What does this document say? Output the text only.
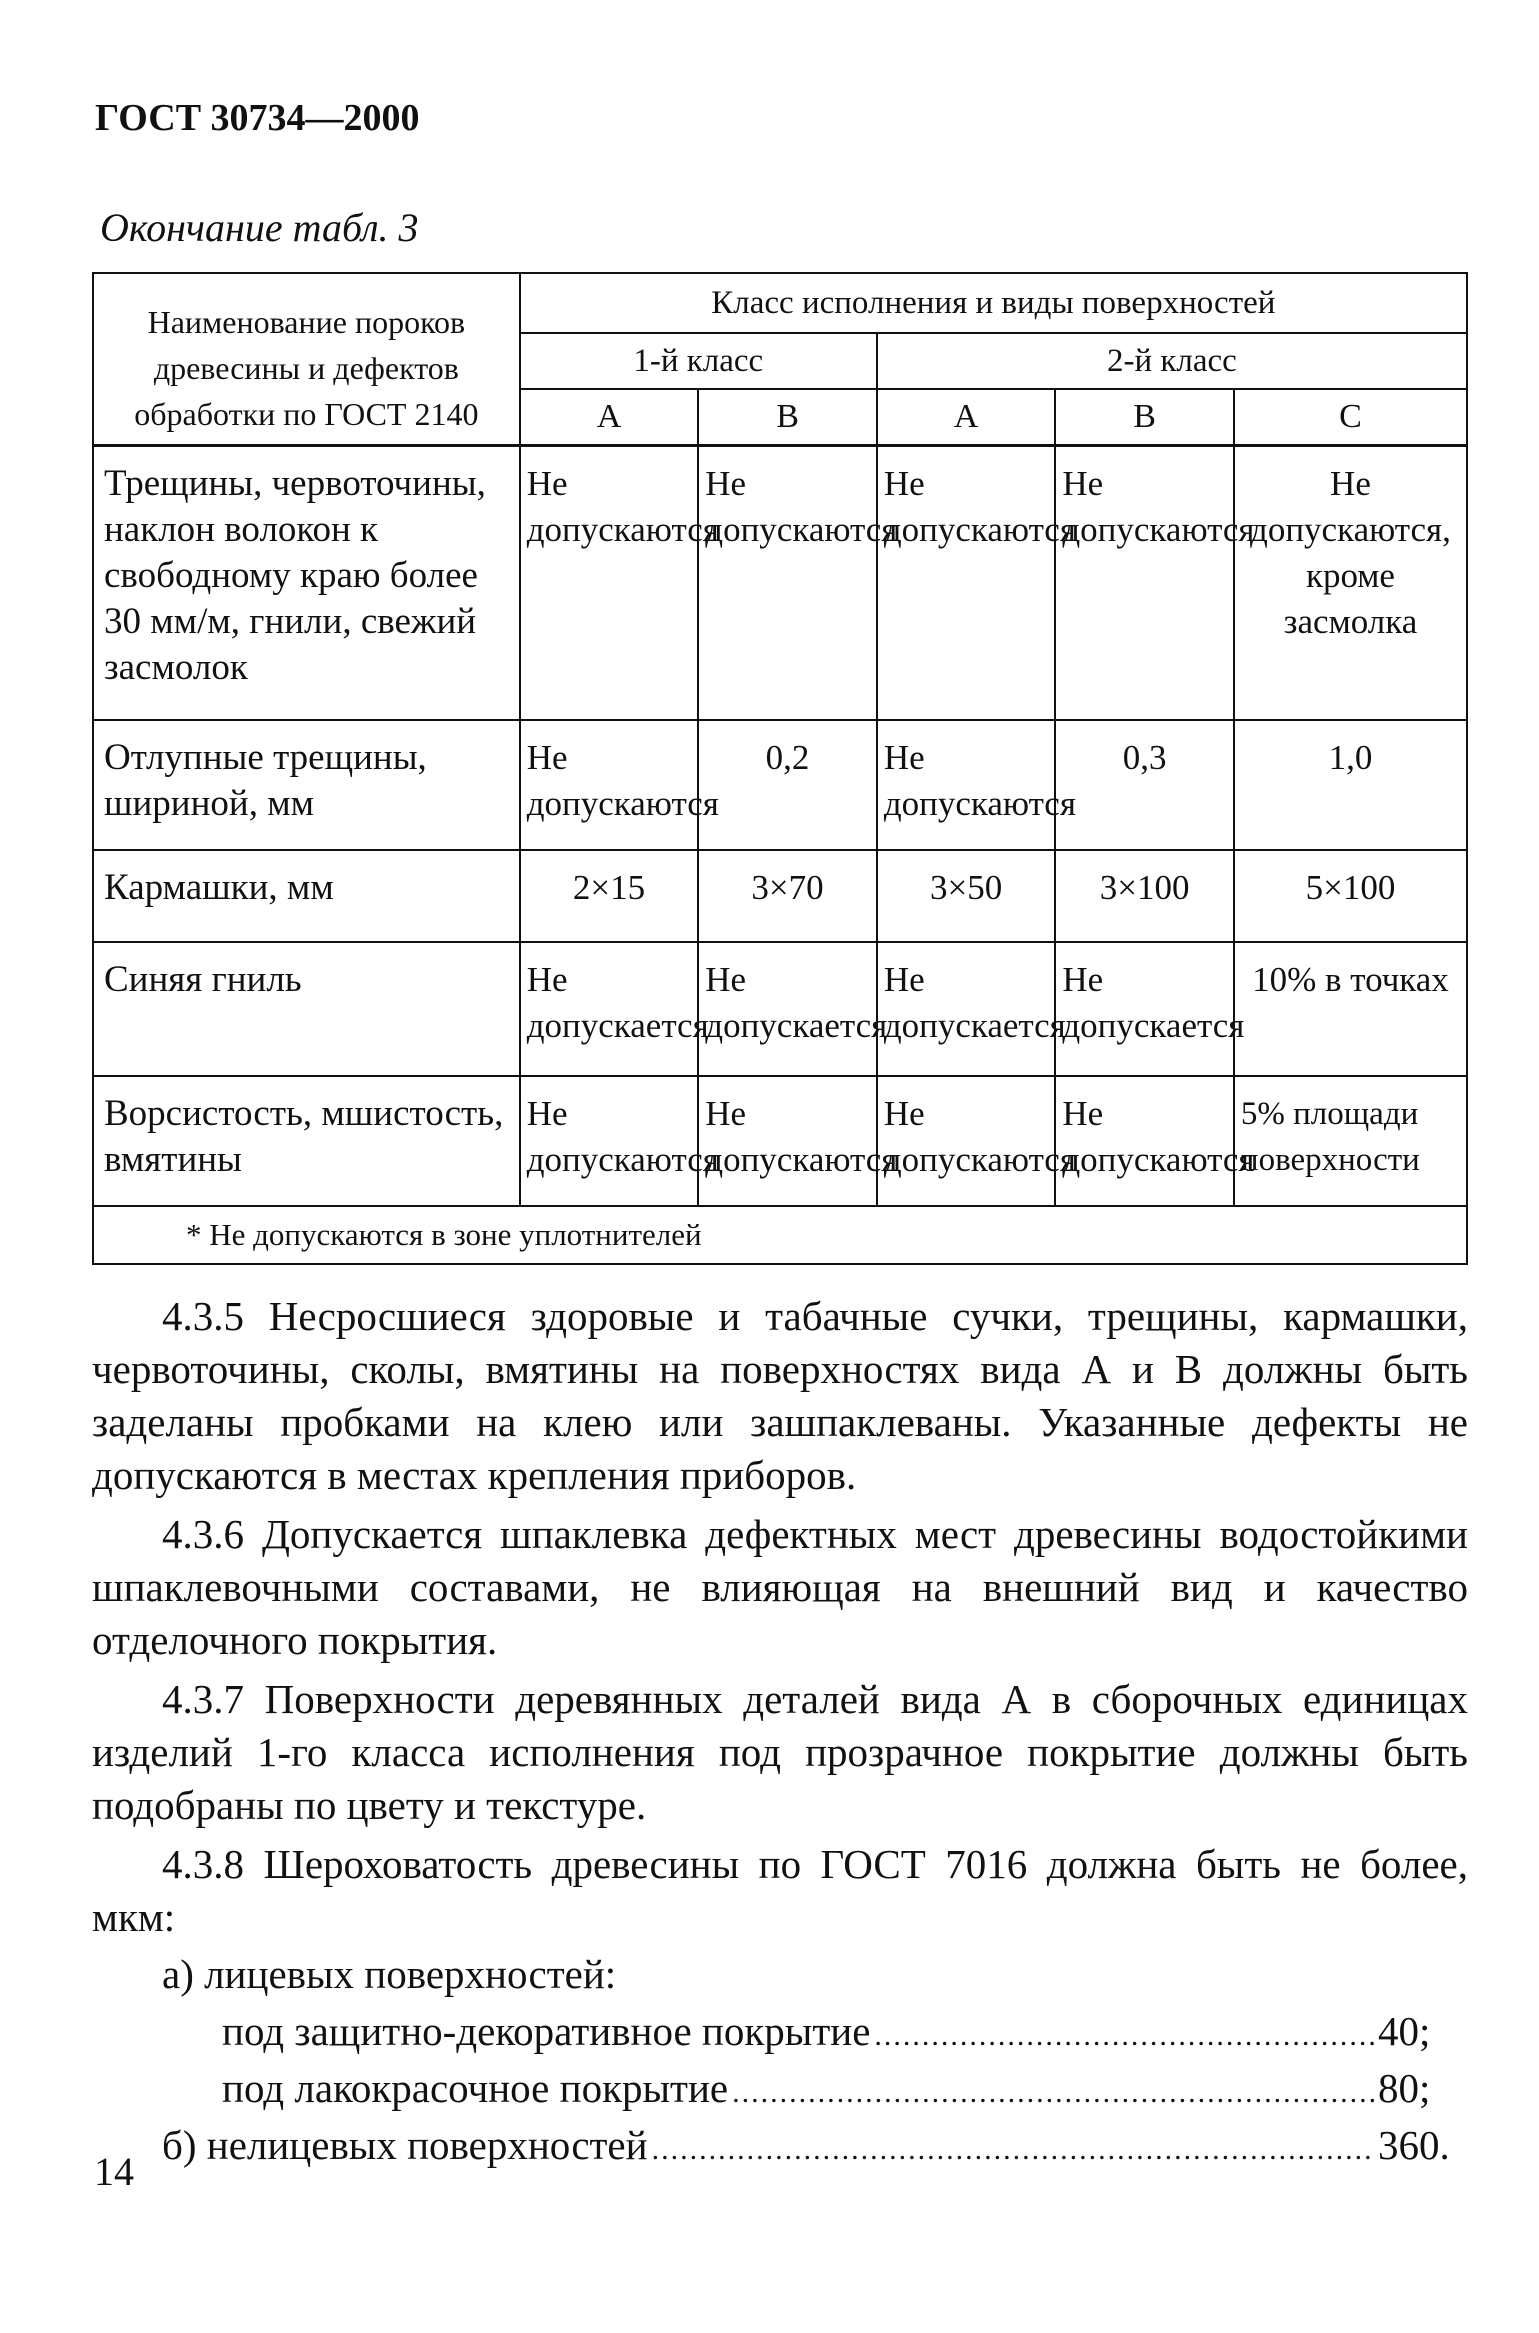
ГОСТ 30734—2000
Окончание табл. 3
Наименование пороков древесины и дефектов обработки по ГОСТ 2140	Класс исполнения и виды поверхностей				
	1-й класс		2-й класс		
	А	В	А	В	С
Трещины, червоточины, наклон волокон к свободному краю более 30 мм/м, гнили, свежий засмолок	Не допускаются	Не допускаются	Не допускаются	Не допускаются	Не допускаются, кроме засмолка
Отлупные трещины, шириной, мм	Не допускаются	0,2	Не допускаются	0,3	1,0
Кармашки, мм	2×15	3×70	3×50	3×100	5×100
Синяя гниль	Не допускается	Не допускается	Не допускается	Не допускается	10% в точках
Ворсистость, мшистость, вмятины	Не допускаются	Не допускаются	Не допускаются	Не допускаются	5% площади поверхности
* Не допускаются в зоне уплотнителей					

4.3.5 Несросшиеся здоровые и табачные сучки, трещины, кармашки, червоточины, сколы, вмятины на поверхностях вида А и В должны быть заделаны пробками на клею или зашпаклеваны. Указанные дефекты не допускаются в местах крепления приборов.

4.3.6 Допускается шпаклевка дефектных мест древесины водостойкими шпаклевочными составами, не влияющая на внешний вид и качество отделочного покрытия.

4.3.7 Поверхности деревянных деталей вида А в сборочных единицах изделий 1-го класса исполнения под прозрачное покрытие должны быть подобраны по цвету и текстуре.

4.3.8 Шероховатость древесины по ГОСТ 7016 должна быть не более, мкм:

а) лицевых поверхностей:
под защитно-декоративное покрытие .....	40;
под лакокрасочное покрытие .....	80;
б) нелицевых поверхностей .....	360.
14
